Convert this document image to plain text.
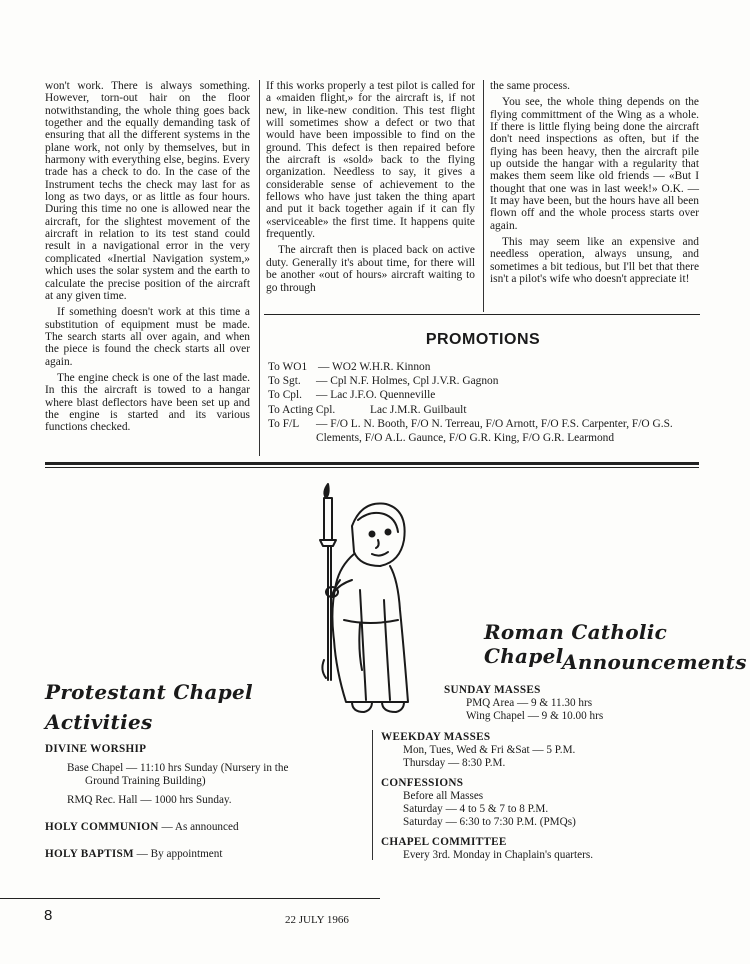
won't work. There is always something. However, torn-out hair on the floor notwithstanding, the whole thing goes back together and the equally demanding task of ensuring that all the different systems in the plane work, not only by themselves, but in harmony with everything else, begins. Every trade has a check to do. In the case of the Instrument techs the check may last for as long as two days, or as little as four hours. During this time no one is allowed near the aircraft, for the slightest movement of the aircraft in relation to its test stand could result in a navigational error in the very complicated «Inertial Navigation system,» which uses the solar system and the earth to calculate the precise position of the aircraft at any given time.

If something doesn't work at this time a substitution of equipment must be made. The search starts all over again, and when the piece is found the check starts all over again.

The engine check is one of the last made. In this the aircraft is towed to a hangar where blast deflectors have been set up and the engine is started and its various functions checked.

If this works properly a test pilot is called for a «maiden flight,» for the aircraft is, if not new, in like-new condition. This test flight will sometimes show a defect or two that would have been impossible to find on the ground. This defect is then repaired before the aircraft is «sold» back to the flying organization. Needless to say, it gives a considerable sense of achievement to the fellows who have just taken the thing apart and put it back together again if it can fly «serviceable» the first time. It happens quite frequently.

The aircraft then is placed back on active duty. Generally it's about time, for there will be another «out of hours» aircraft waiting to go through

the same process.

You see, the whole thing depends on the flying committment of the Wing as a whole. If there is little flying being done the aircraft don't need inspections as often, but if the flying has been heavy, then the aircraft pile up outside the hangar with a regularity that makes them seem like old friends — «But I thought that one was in last week!» O.K. — It may have been, but the hours have all been flown off and the whole process starts over again.

This may seem like an expensive and needless operation, always unsung, and sometimes a bit tedious, but I'll bet that there isn't a pilot's wife who doesn't appreciate it!

PROMOTIONS
To WO1 — WO2 W.H.R. Kinnon
To Sgt.	— Cpl N.F. Holmes, Cpl J.V.R. Gagnon
To Cpl.	— Lac J.F.O. Quenneville
To Acting Cpl.	Lac J.M.R. Guilbault
To F/L	— F/O L. N. Booth, F/O N. Terreau, F/O Arnott, F/O F.S. Carpenter, F/O G.S. Clements, F/O A.L. Gaunce, F/O G.R. King, F/O G.R. Learmond
Roman Catholic Chapel
Announcements
SUNDAY MASSES
PMQ Area — 9 & 11.30 hrs
Wing Chapel — 9 & 10.00 hrs
WEEKDAY MASSES
Mon, Tues, Wed & Fri &Sat — 5 P.M.
Thursday — 8:30 P.M.
CONFESSIONS
Before all Masses
Saturday — 4 to 5 & 7 to 8 P.M.
Saturday — 6:30 to 7:30 P.M. (PMQs)
CHAPEL COMMITTEE
Every 3rd. Monday in Chaplain's quarters.
Protestant Chapel
Activities
DIVINE WORSHIP
Base Chapel — 11:10 hrs Sunday (Nursery in the
Ground Training Building)
RMQ Rec. Hall — 1000 hrs Sunday.
HOLY COMMUNION — As announced
HOLY BAPTISM — By appointment
8	22 JULY 1966
